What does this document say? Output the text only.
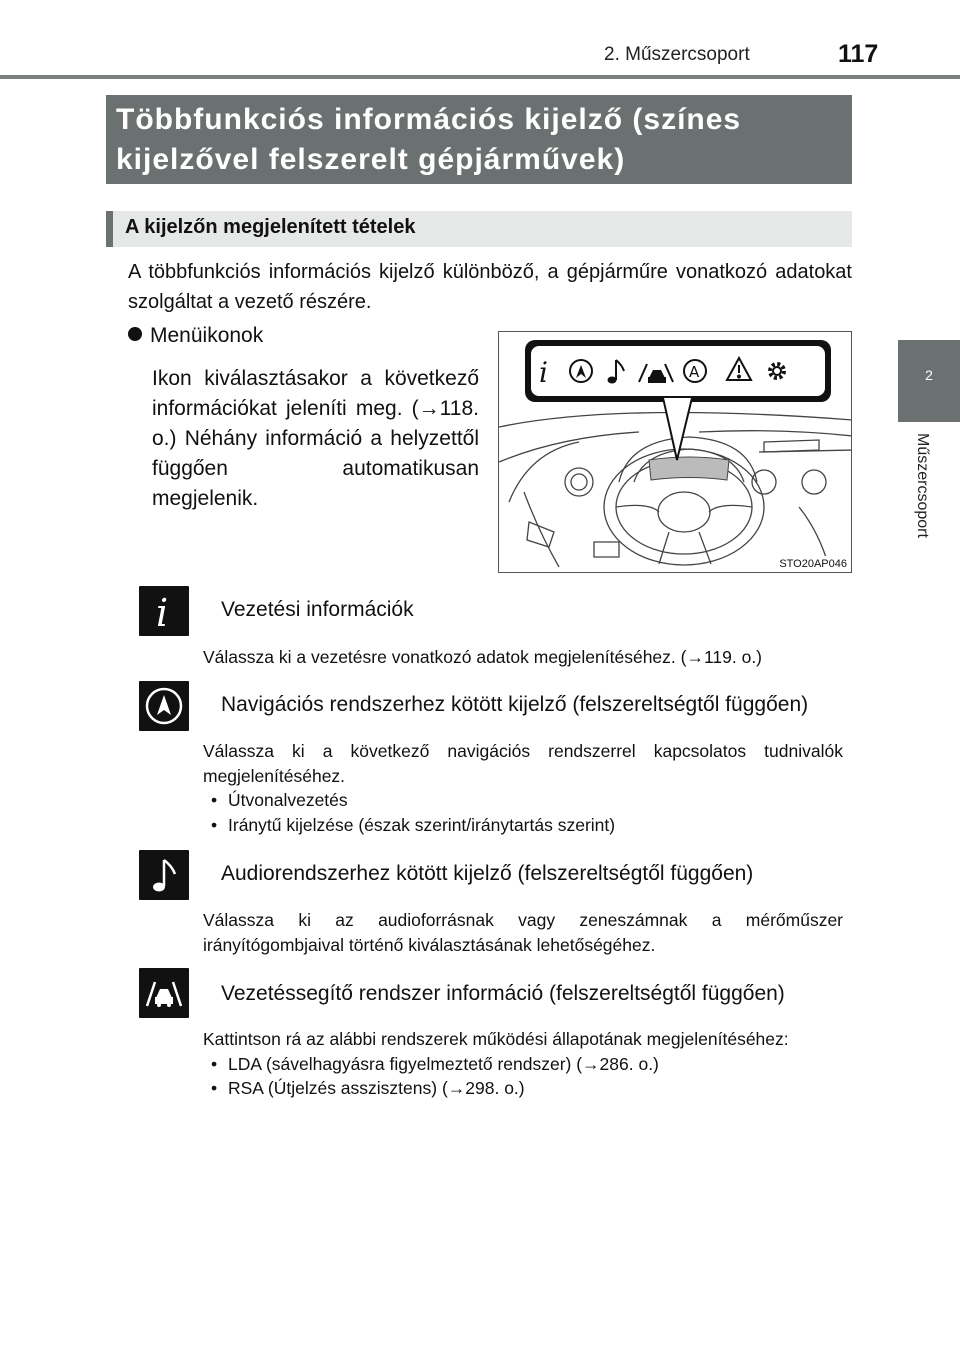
2. Műszercsoport	117
2
Műszercsoport
Többfunkciós információs kijelző (színes kijelzővel felszerelt gépjárművek)
A kijelzőn megjelenített tételek
A többfunkciós információs kijelző különböző, a gépjárműre vonatkozó adatokat szolgáltat a vezető részére.
Menüikonok
Ikon kiválasztásakor a következő információkat jeleníti meg. (→118. o.) Néhány információ a helyzettől függően automatikusan megjelenik.
i	A
STO20AP046
i	Vezetési információk
Válassza ki a vezetésre vonatkozó adatok megjelenítéséhez. (→119. o.)
Navigációs rendszerhez kötött kijelző (felszereltségtől függően)
Válassza ki a következő navigációs rendszerrel kapcsolatos tudnivalók megjelenítéséhez.
• Útvonalvezetés
• Iránytű kijelzése (észak szerint/iránytartás szerint)
Audiorendszerhez kötött kijelző (felszereltségtől függően)
Válassza ki az audioforrásnak vagy zeneszámnak a mérőműszer irányítógombjaival történő kiválasztásának lehetőségéhez.
Vezetéssegítő rendszer információ (felszereltségtől függően)
Kattintson rá az alábbi rendszerek működési állapotának megjelenítéséhez:
• LDA (sávelhagyásra figyelmeztető rendszer) (→286. o.)
• RSA (Útjelzés asszisztens) (→298. o.)
